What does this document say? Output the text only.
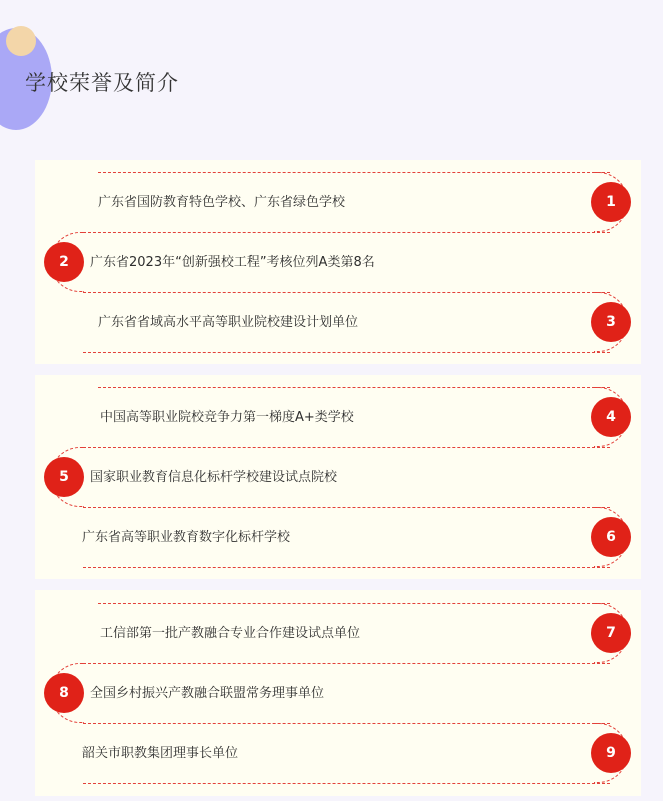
学校荣誉及简介
广东省国防教育特色学校、广东省绿色学校	1
广东省2023年“创新强校工程”考核位列A类第8名
2
广东省省域高水平高等职业院校建设计划单位	3
中国高等职业院校竞争力第一梯度A+类学校	4
国家职业教育信息化标杆学校建设试点院校
5
广东省高等职业教育数字化标杆学校	6
工信部第一批产教融合专业合作建设试点单位	7
全国乡村振兴产教融合联盟常务理事单位
8
韶关市职教集团理事长单位	9
